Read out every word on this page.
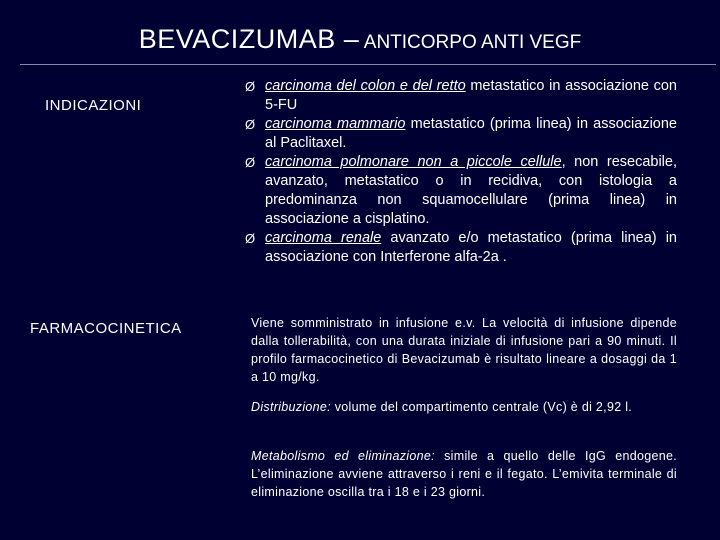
BEVACIZUMAB – ANTICORPO ANTI VEGF
INDICAZIONI
Ø carcinoma del colon e del retto metastatico in associazione con 5-FU
Ø carcinoma mammario metastatico (prima linea) in associazione al Paclitaxel.
Ø carcinoma polmonare non a piccole cellule, non resecabile, avanzato, metastatico o in recidiva, con istologia a predominanza non squamocellulare (prima linea) in associazione a cisplatino.
Ø carcinoma renale avanzato e/o metastatico (prima linea) in associazione con Interferone alfa-2a .
FARMACOCINETICA	Viene somministrato in infusione e.v. La velocità di infusione dipende dalla tollerabilità, con una durata iniziale di infusione pari a 90 minuti. Il profilo farmacocinetico di Bevacizumab è risultato lineare a dosaggi da 1 a 10 mg/kg.

Distribuzione: volume del compartimento centrale (Vc) è di 2,92 l.

Metabolismo ed eliminazione: simile a quello delle IgG endogene. L’eliminazione avviene attraverso i reni e il fegato. L’emivita terminale di eliminazione oscilla tra i 18 e i 23 giorni.
